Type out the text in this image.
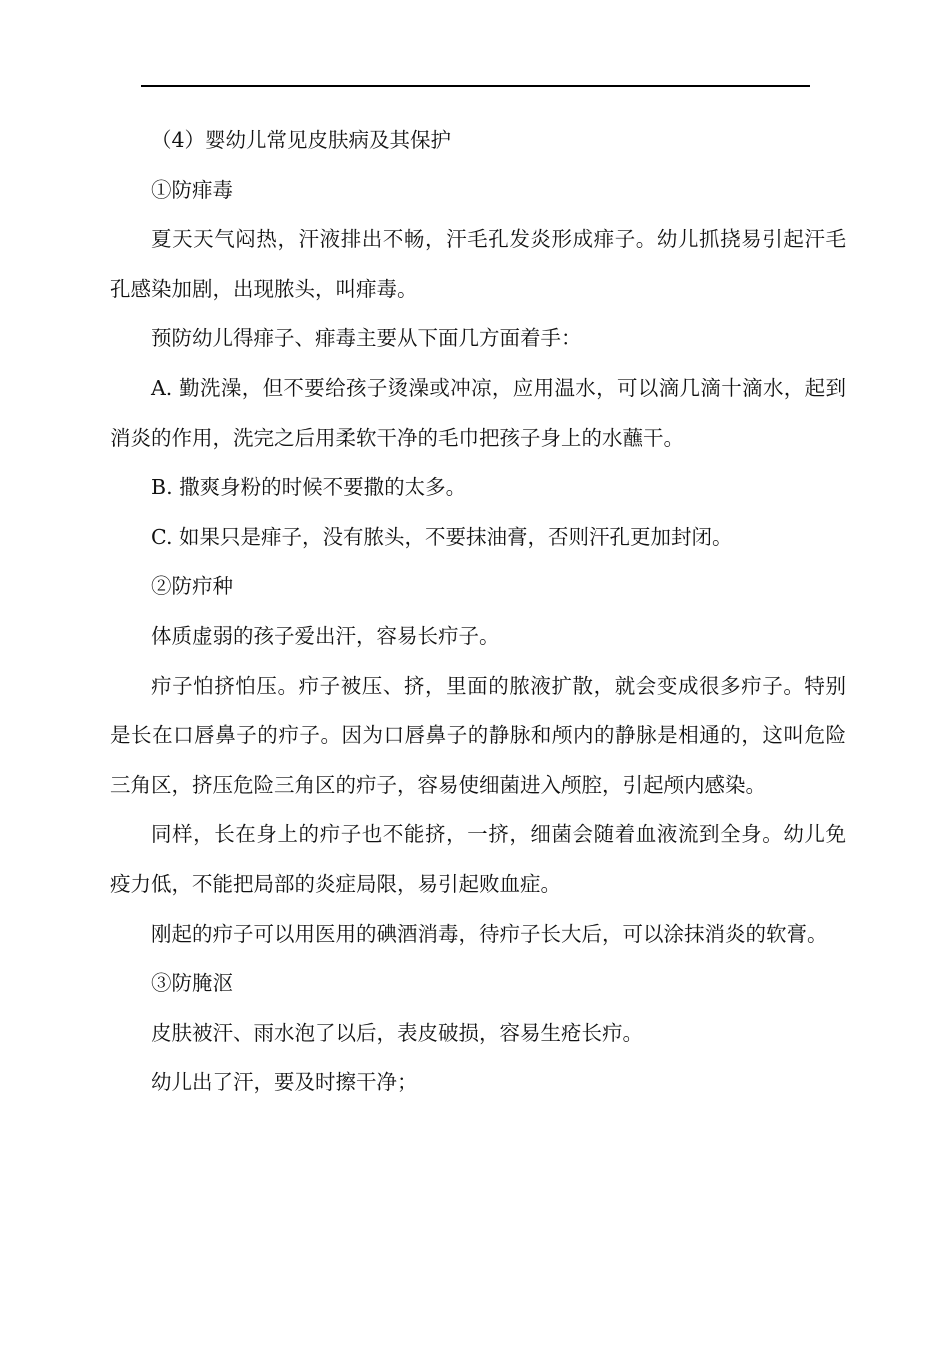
（4）婴幼儿常见皮肤病及其保护

①防痱毒

夏天天气闷热，汗液排出不畅，汗毛孔发炎形成痱子。幼儿抓挠易引起汗毛孔感染加剧，出现脓头，叫痱毒。

预防幼儿得痱子、痱毒主要从下面几方面着手：

A. 勤洗澡，但不要给孩子烫澡或冲凉，应用温水，可以滴几滴十滴水，起到消炎的作用，洗完之后用柔软干净的毛巾把孩子身上的水蘸干。

B. 撒爽身粉的时候不要撒的太多。

C. 如果只是痱子，没有脓头，不要抹油膏，否则汗孔更加封闭。

②防疖种

体质虚弱的孩子爱出汗，容易长疖子。

疖子怕挤怕压。疖子被压、挤，里面的脓液扩散，就会变成很多疖子。特别是长在口唇鼻子的疖子。因为口唇鼻子的静脉和颅内的静脉是相通的，这叫危险三角区，挤压危险三角区的疖子，容易使细菌进入颅腔，引起颅内感染。

同样，长在身上的疖子也不能挤，一挤，细菌会随着血液流到全身。幼儿免疫力低，不能把局部的炎症局限，易引起败血症。

刚起的疖子可以用医用的碘酒消毒，待疖子长大后，可以涂抹消炎的软膏。

③防腌沤

皮肤被汗、雨水泡了以后，表皮破损，容易生疮长疖。

幼儿出了汗，要及时擦干净；
